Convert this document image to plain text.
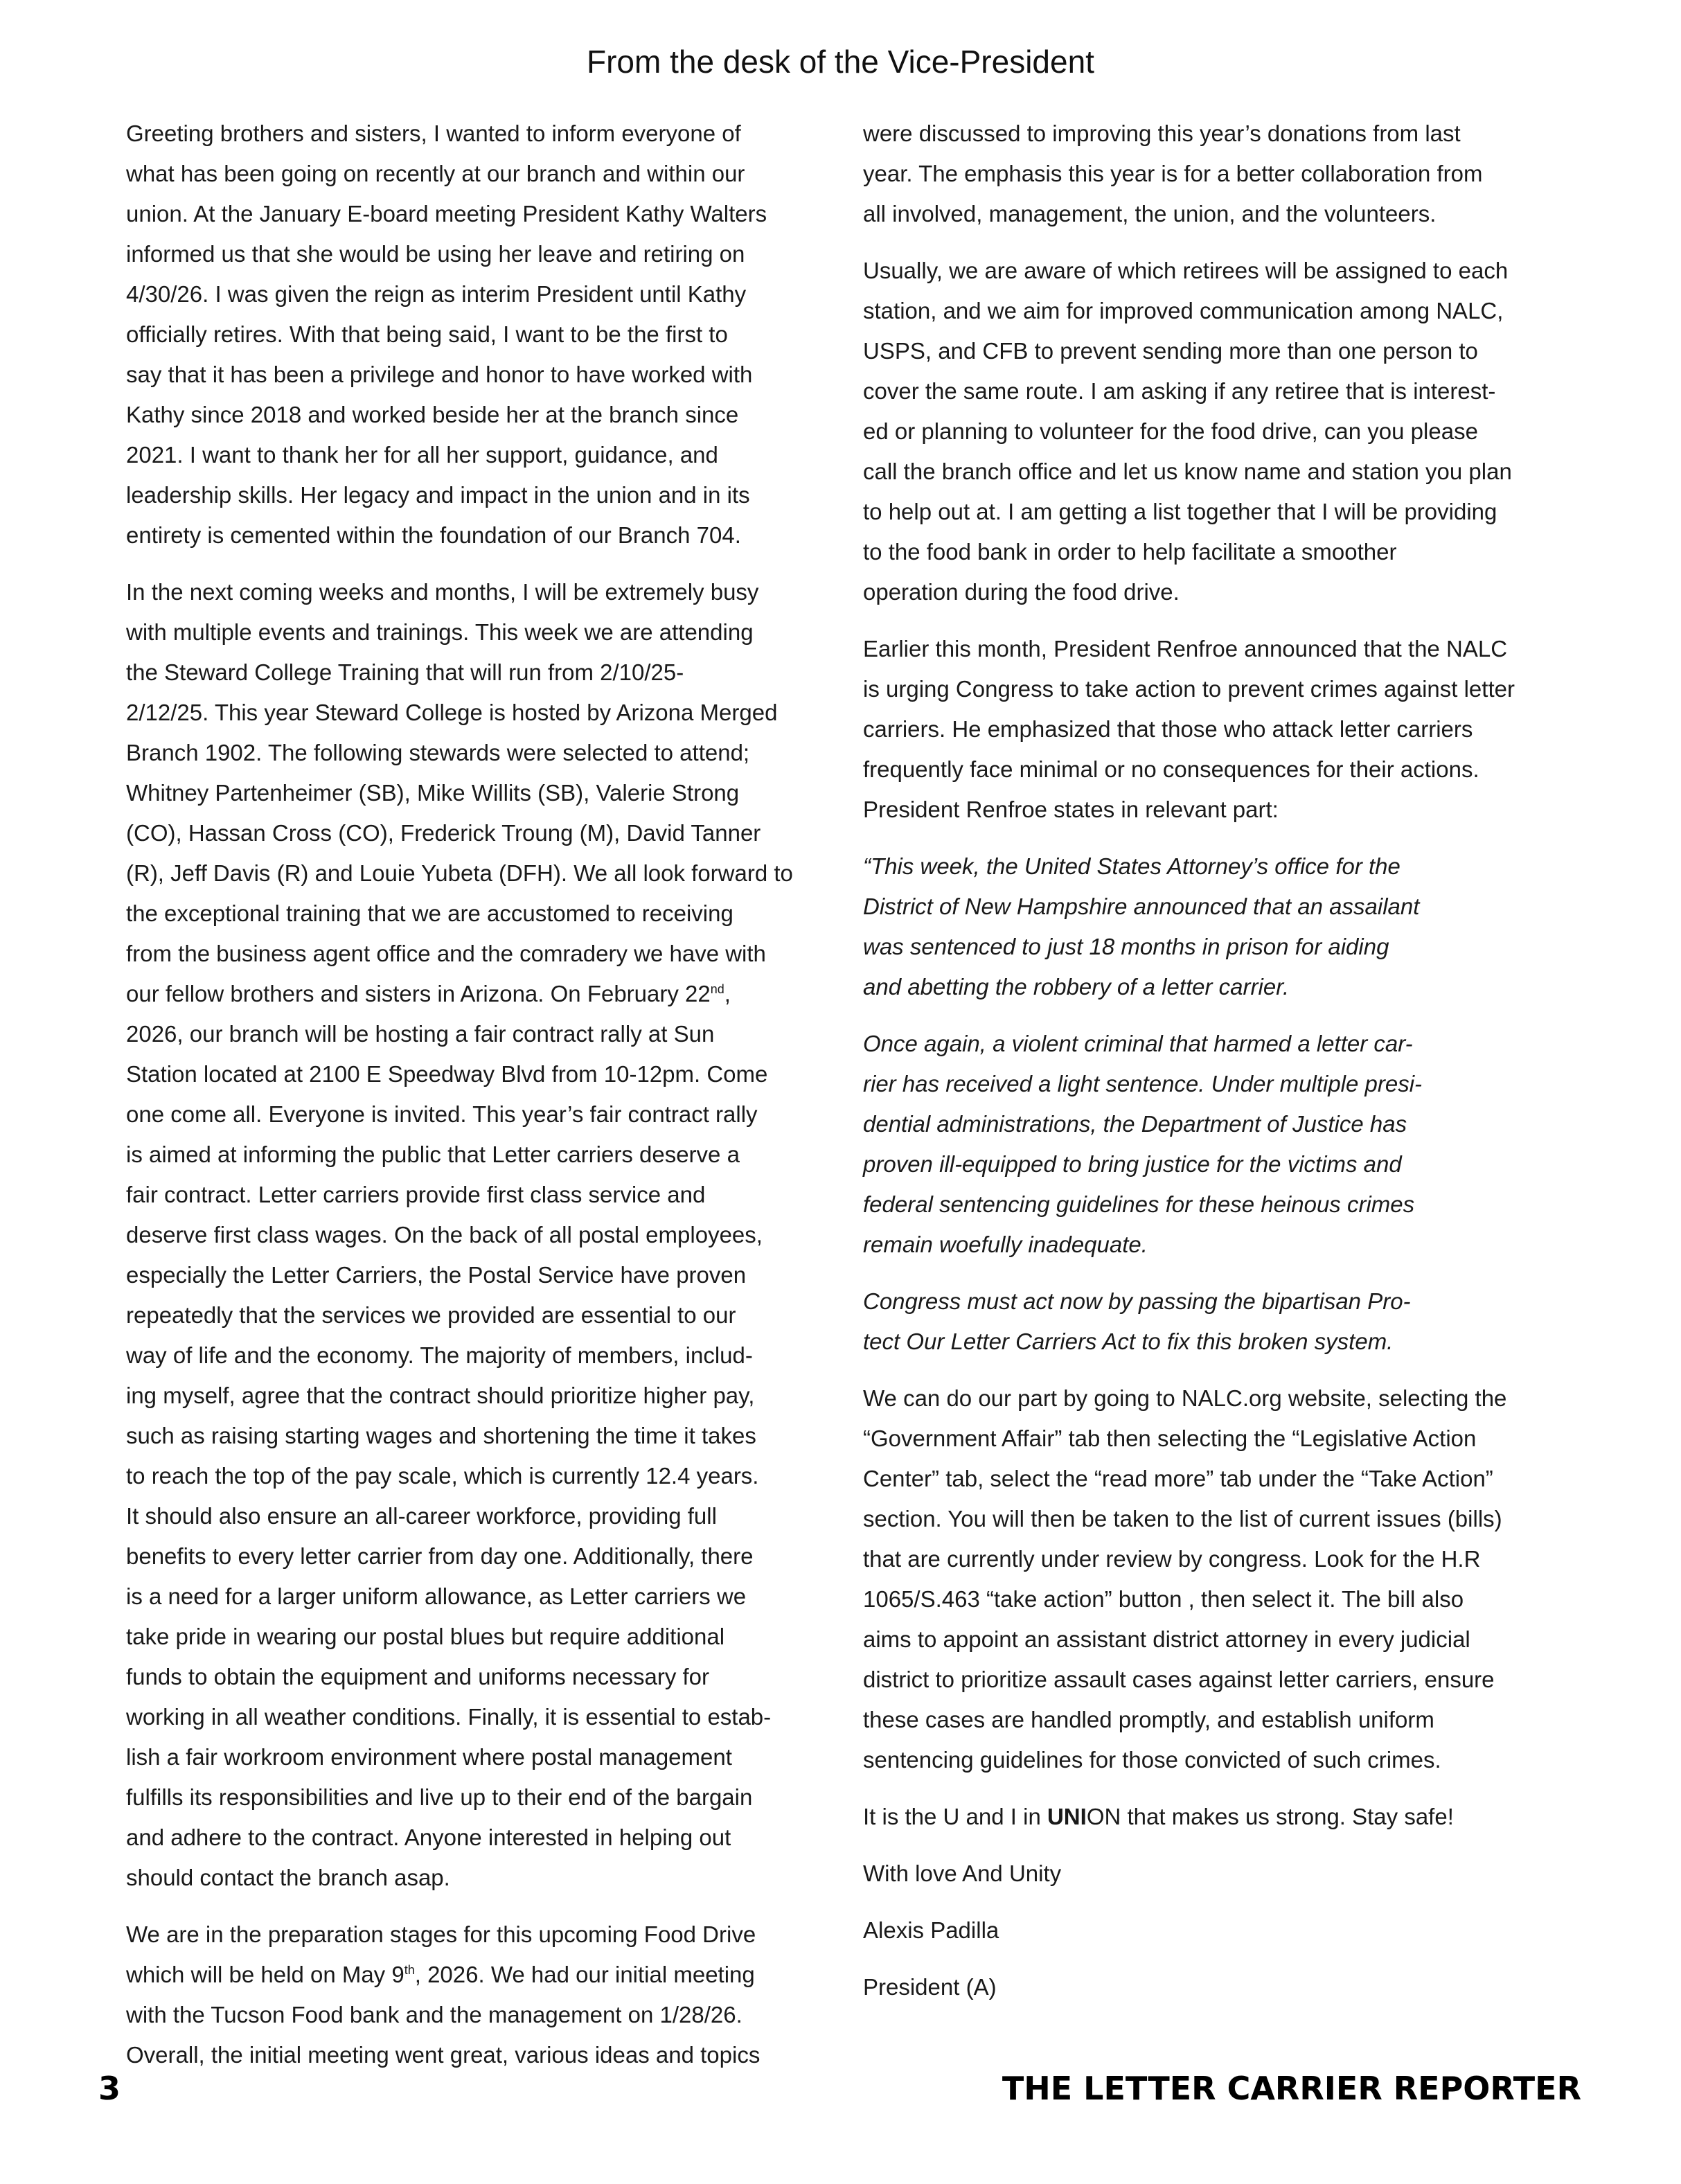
From the desk of the Vice-President

Greeting brothers and sisters, I wanted to inform everyone of
what has been going on recently at our branch and within our
union. At the January E-board meeting President Kathy Walters
informed us that she would be using her leave and retiring on
4/30/26. I was given the reign as interim President until Kathy
officially retires. With that being said, I want to be the first to
say that it has been a privilege and honor to have worked with
Kathy since 2018 and worked beside her at the branch since
2021. I want to thank her for all her support, guidance, and
leadership skills. Her legacy and impact in the union and in its
entirety is cemented within the foundation of our Branch 704.

In the next coming weeks and months, I will be extremely busy
with multiple events and trainings. This week we are attending
the Steward College Training that will run from 2/10/25-
2/12/25. This year Steward College is hosted by Arizona Merged
Branch 1902. The following stewards were selected to attend;
Whitney Partenheimer (SB), Mike Willits (SB), Valerie Strong
(CO), Hassan Cross (CO), Frederick Troung (M), David Tanner
(R), Jeff Davis (R) and Louie Yubeta (DFH). We all look forward to
the exceptional training that we are accustomed to receiving
from the business agent office and the comradery we have with
our fellow brothers and sisters in Arizona. On February 22nd,
2026, our branch will be hosting a fair contract rally at Sun
Station located at 2100 E Speedway Blvd from 10-12pm. Come
one come all. Everyone is invited. This year’s fair contract rally
is aimed at informing the public that Letter carriers deserve a
fair contract. Letter carriers provide first class service and
deserve first class wages. On the back of all postal employees,
especially the Letter Carriers, the Postal Service have proven
repeatedly that the services we provided are essential to our
way of life and the economy. The majority of members, includ-
ing myself, agree that the contract should prioritize higher pay,
such as raising starting wages and shortening the time it takes
to reach the top of the pay scale, which is currently 12.4 years.
It should also ensure an all-career workforce, providing full
benefits to every letter carrier from day one. Additionally, there
is a need for a larger uniform allowance, as Letter carriers we
take pride in wearing our postal blues but require additional
funds to obtain the equipment and uniforms necessary for
working in all weather conditions. Finally, it is essential to estab-
lish a fair workroom environment where postal management
fulfills its responsibilities and live up to their end of the bargain
and adhere to the contract. Anyone interested in helping out
should contact the branch asap.

We are in the preparation stages for this upcoming Food Drive
which will be held on May 9th, 2026. We had our initial meeting
with the Tucson Food bank and the management on 1/28/26.
Overall, the initial meeting went great, various ideas and topics

were discussed to improving this year’s donations from last
year. The emphasis this year is for a better collaboration from
all involved, management, the union, and the volunteers.

Usually, we are aware of which retirees will be assigned to each
station, and we aim for improved communication among NALC,
USPS, and CFB to prevent sending more than one person to
cover the same route. I am asking if any retiree that is interest-
ed or planning to volunteer for the food drive, can you please
call the branch office and let us know name and station you plan
to help out at. I am getting a list together that I will be providing
to the food bank in order to help facilitate a smoother
operation during the food drive.

Earlier this month, President Renfroe announced that the NALC
is urging Congress to take action to prevent crimes against letter
carriers. He emphasized that those who attack letter carriers
frequently face minimal or no consequences for their actions.
President Renfroe states in relevant part:

“This week, the United States Attorney’s office for the
District of New Hampshire announced that an assailant
was sentenced to just 18 months in prison for aiding
and abetting the robbery of a letter carrier.

Once again, a violent criminal that harmed a letter car-
rier has received a light sentence. Under multiple presi-
dential administrations, the Department of Justice has
proven ill-equipped to bring justice for the victims and
federal sentencing guidelines for these heinous crimes
remain woefully inadequate.

Congress must act now by passing the bipartisan Pro-
tect Our Letter Carriers Act to fix this broken system.

We can do our part by going to NALC.org website, selecting the
“Government Affair” tab then selecting the “Legislative Action
Center” tab, select the “read more” tab under the “Take Action”
section. You will then be taken to the list of current issues (bills)
that are currently under review by congress. Look for the H.R
1065/S.463 “take action” button , then select it. The bill also
aims to appoint an assistant district attorney in every judicial
district to prioritize assault cases against letter carriers, ensure
these cases are handled promptly, and establish uniform
sentencing guidelines for those convicted of such crimes.

It is the U and I in UNION that makes us strong. Stay safe!

With love And Unity

Alexis Padilla

President (A)

3	THE LETTER CARRIER REPORTER
